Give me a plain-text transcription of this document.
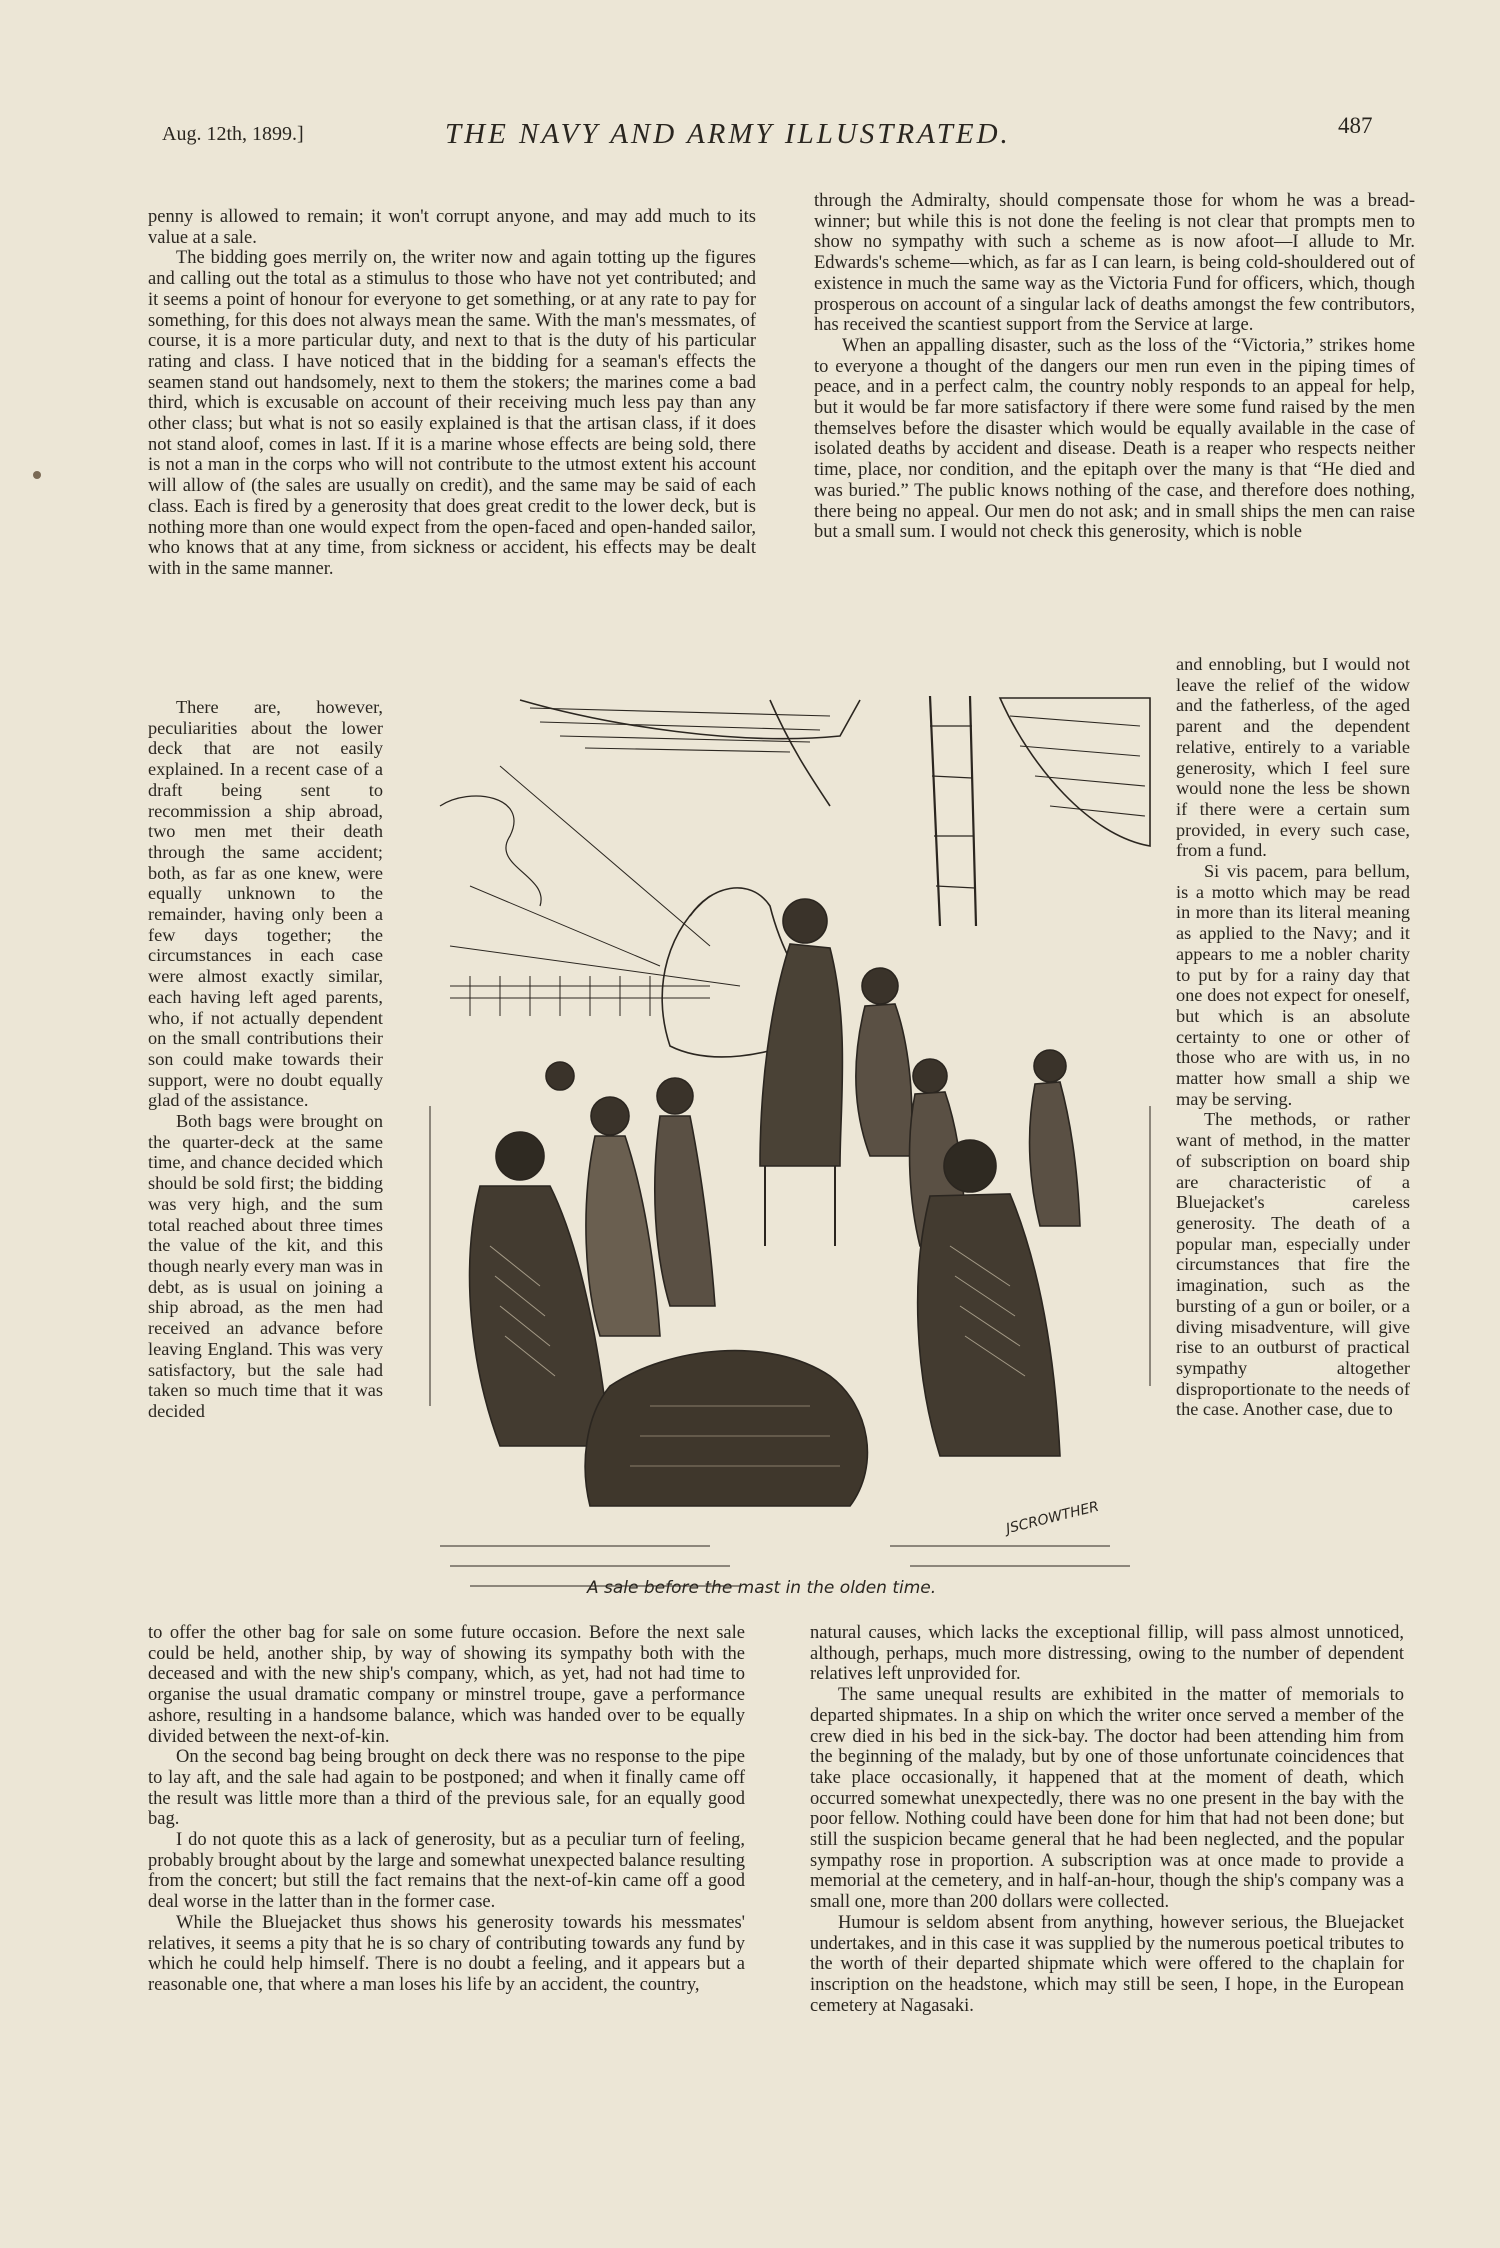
Aug. 12th, 1899.]	THE NAVY AND ARMY ILLUSTRATED.	487

penny is allowed to remain; it won't corrupt anyone, and may add much to its value at a sale.

The bidding goes merrily on, the writer now and again totting up the figures and calling out the total as a stimulus to those who have not yet contributed; and it seems a point of honour for everyone to get something, or at any rate to pay for something, for this does not always mean the same. With the man's messmates, of course, it is a more particular duty, and next to that is the duty of his particular rating and class. I have noticed that in the bidding for a seaman's effects the seamen stand out handsomely, next to them the stokers; the marines come a bad third, which is excusable on account of their receiving much less pay than any other class; but what is not so easily explained is that the artisan class, if it does not stand aloof, comes in last. If it is a marine whose effects are being sold, there is not a man in the corps who will not contribute to the utmost extent his account will allow of (the sales are usually on credit), and the same may be said of each class. Each is fired by a generosity that does great credit to the lower deck, but is nothing more than one would expect from the open-faced and open-handed sailor, who knows that at any time, from sickness or accident, his effects may be dealt with in the same manner.

There are, however, peculiarities about the lower deck that are not easily explained. In a recent case of a draft being sent to recommission a ship abroad, two men met their death through the same accident; both, as far as one knew, were equally unknown to the remainder, having only been a few days together; the circumstances in each case were almost exactly similar, each having left aged parents, who, if not actually dependent on the small contributions their son could make towards their support, were no doubt equally glad of the assistance.

Both bags were brought on the quarter-deck at the same time, and chance decided which should be sold first; the bidding was very high, and the sum total reached about three times the value of the kit, and this though nearly every man was in debt, as is usual on joining a ship abroad, as the men had received an advance before leaving England. This was very satisfactory, but the sale had taken so much time that it was decided

to offer the other bag for sale on some future occasion. Before the next sale could be held, another ship, by way of showing its sympathy both with the deceased and with the new ship's company, which, as yet, had not had time to organise the usual dramatic company or minstrel troupe, gave a performance ashore, resulting in a handsome balance, which was handed over to be equally divided between the next-of-kin.

On the second bag being brought on deck there was no response to the pipe to lay aft, and the sale had again to be postponed; and when it finally came off the result was little more than a third of the previous sale, for an equally good bag.

I do not quote this as a lack of generosity, but as a peculiar turn of feeling, probably brought about by the large and somewhat unexpected balance resulting from the concert; but still the fact remains that the next-of-kin came off a good deal worse in the latter than in the former case.

While the Bluejacket thus shows his generosity towards his messmates' relatives, it seems a pity that he is so chary of contributing towards any fund by which he could help himself. There is no doubt a feeling, and it appears but a reasonable one, that where a man loses his life by an accident, the country,

through the Admiralty, should compensate those for whom he was a bread-winner; but while this is not done the feeling is not clear that prompts men to show no sympathy with such a scheme as is now afoot—I allude to Mr. Edwards's scheme—which, as far as I can learn, is being cold-shouldered out of existence in much the same way as the Victoria Fund for officers, which, though prosperous on account of a singular lack of deaths amongst the few contributors, has received the scantiest support from the Service at large.

When an appalling disaster, such as the loss of the “Victoria,” strikes home to everyone a thought of the dangers our men run even in the piping times of peace, and in a perfect calm, the country nobly responds to an appeal for help, but it would be far more satisfactory if there were some fund raised by the men themselves before the disaster which would be equally available in the case of isolated deaths by accident and disease. Death is a reaper who respects neither time, place, nor condition, and the epitaph over the many is that “He died and was buried.” The public knows nothing of the case, and therefore does nothing, there being no appeal. Our men do not ask; and in small ships the men can raise but a small sum. I would not check this generosity, which is noble

and ennobling, but I would not leave the relief of the widow and the fatherless, of the aged parent and the dependent relative, entirely to a variable generosity, which I feel sure would none the less be shown if there were a certain sum provided, in every such case, from a fund.

Si vis pacem, para bellum, is a motto which may be read in more than its literal meaning as applied to the Navy; and it appears to me a nobler charity to put by for a rainy day that one does not expect for oneself, but which is an absolute certainty to one or other of those who are with us, in no matter how small a ship we may be serving.

The methods, or rather want of method, in the matter of subscription on board ship are characteristic of a Bluejacket's careless generosity. The death of a popular man, especially under circumstances that fire the imagination, such as the bursting of a gun or boiler, or a diving misadventure, will give rise to an outburst of practical sympathy altogether disproportionate to the needs of the case. Another case, due to

natural causes, which lacks the exceptional fillip, will pass almost unnoticed, although, perhaps, much more distressing, owing to the number of dependent relatives left unprovided for.

The same unequal results are exhibited in the matter of memorials to departed shipmates. In a ship on which the writer once served a member of the crew died in his bed in the sick-bay. The doctor had been attending him from the beginning of the malady, but by one of those unfortunate coincidences that take place occasionally, it happened that at the moment of death, which occurred somewhat unexpectedly, there was no one present in the bay with the poor fellow. Nothing could have been done for him that had not been done; but still the suspicion became general that he had been neglected, and the popular sympathy rose in proportion. A subscription was at once made to provide a memorial at the cemetery, and in half-an-hour, though the ship's company was a small one, more than 200 dollars were collected.

Humour is seldom absent from anything, however serious, the Bluejacket undertakes, and in this case it was supplied by the numerous poetical tributes to the worth of their departed shipmate which were offered to the chaplain for inscription on the headstone, which may still be seen, I hope, in the European cemetery at Nagasaki.

JSCROWTHER
A sale before the mast in the olden time.
